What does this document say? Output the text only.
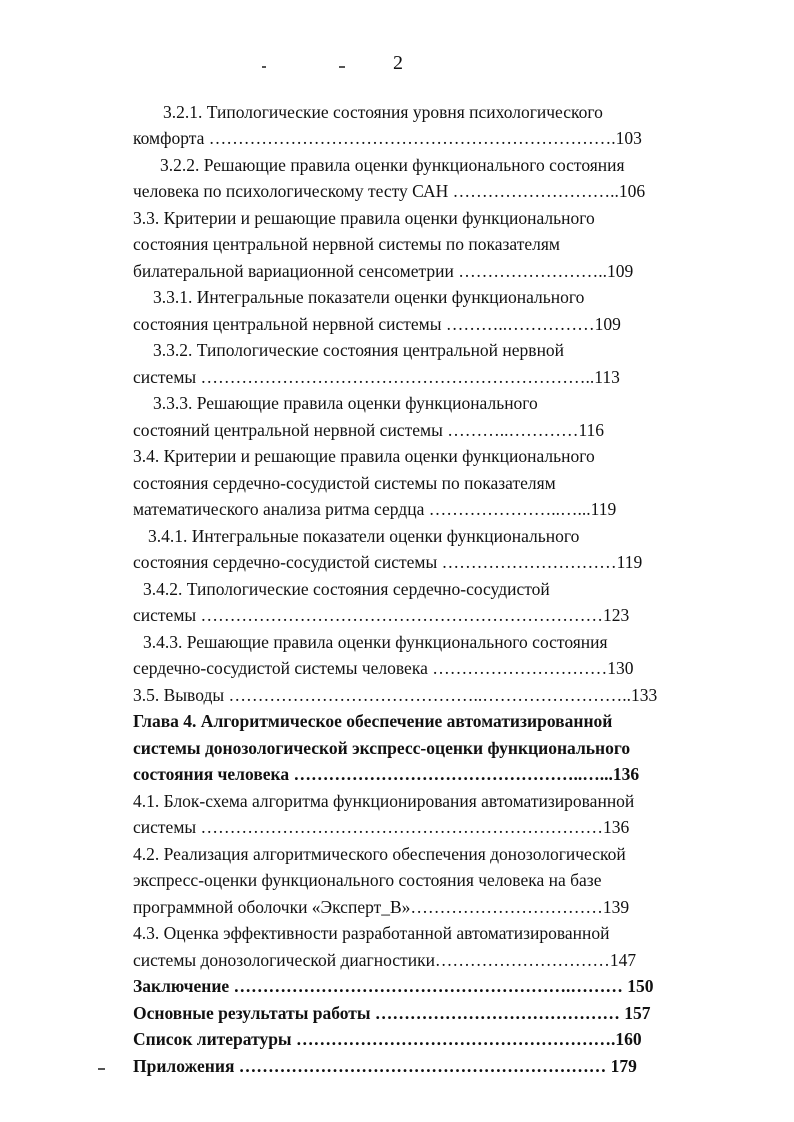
2
3.2.1. Типологические состояния уровня психологического
комфорта …………………………………………………………….103
3.2.2. Решающие правила оценки функционального состояния
человека по психологическому тесту САН ………………………..106
3.3. Критерии и решающие правила оценки функционального
состояния центральной нервной системы по показателям
билатеральной вариационной сенсометрии ……………………..109
3.3.1. Интегральные показатели оценки функционального
состояния центральной нервной системы ………..……………109
3.3.2. Типологические состояния центральной нервной
системы …………………………………………………………..113
3.3.3. Решающие правила оценки функционального
состояний центральной нервной системы ………..…………116
3.4. Критерии и решающие правила оценки функционального
состояния сердечно-сосудистой системы по показателям
математического анализа ритма сердца …………………..…...119
3.4.1. Интегральные показатели оценки функционального
состояния сердечно-сосудистой системы …………………………119
3.4.2. Типологические состояния сердечно-сосудистой
системы ……………………………………………………………123
3.4.3. Решающие правила оценки функционального состояния
сердечно-сосудистой системы человека …………………………130
3.5. Выводы ……………………………………..……………………..133
Глава 4. Алгоритмическое обеспечение автоматизированной
системы донозологической экспресс-оценки функционального
состояния человека …………………………………………..…...136
4.1. Блок-схема алгоритма функционирования автоматизированной
системы ……………………………………………………………136
4.2. Реализация алгоритмического обеспечения донозологической
экспресс-оценки функционального состояния человека на базе
программной оболочки «Эксперт_В»……………………………139
4.3. Оценка эффективности разработанной автоматизированной
системы донозологической диагностики…………………………147
Заключение ………………………………………………….……… 150
Основные результаты работы …………………………………… 157
Список литературы ……………………………………………….160
Приложения ……………………………………………………… 179
